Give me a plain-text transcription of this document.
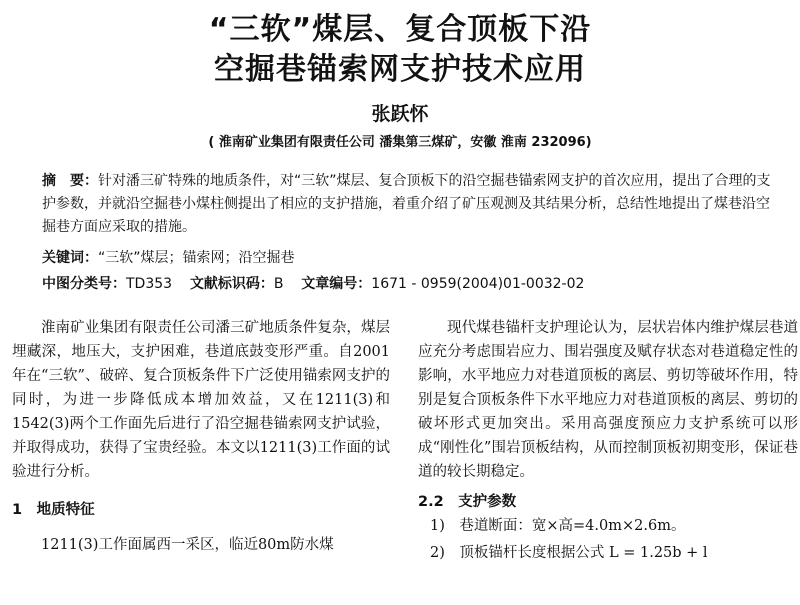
“三软”煤层、复合顶板下沿
空掘巷锚索网支护技术应用
张跃怀
( 淮南矿业集团有限责任公司 潘集第三煤矿，安徽 淮南 232096)
摘　要：针对潘三矿特殊的地质条件，对“三软”煤层、复合顶板下的沿空掘巷锚索网支护的首次应用，提出了合理的支护参数，并就沿空掘巷小煤柱侧提出了相应的支护措施，着重介绍了矿压观测及其结果分析，总结性地提出了煤巷沿空掘巷方面应采取的措施。
关键词：“三软”煤层；锚索网；沿空掘巷
中图分类号：TD353 文献标识码：B 文章编号：1671 - 0959(2004)01-0032-02

淮南矿业集团有限责任公司潘三矿地质条件复杂，煤层埋藏深，地压大，支护困难，巷道底鼓变形严重。自2001年在“三软”、破碎、复合顶板条件下广泛使用锚索网支护的同时，为进一步降低成本增加效益，又在1211(3)和1542(3)两个工作面先后进行了沿空掘巷锚索网支护试验，并取得成功，获得了宝贵经验。本文以1211(3)工作面的试验进行分析。

1　地质特征

1211(3)工作面属西一采区，临近80m防水煤

现代煤巷锚杆支护理论认为，层状岩体内维护煤层巷道应充分考虑围岩应力、围岩强度及赋存状态对巷道稳定性的影响，水平地应力对巷道顶板的离层、剪切等破坏作用，特别是复合顶板条件下水平地应力对巷道顶板的离层、剪切的破坏形式更加突出。采用高强度预应力支护系统可以形成“刚性化”围岩顶板结构，从而控制顶板初期变形，保证巷道的较长期稳定。

2.2　支护参数
1)　巷道断面：宽×高=4.0m×2.6m。
2)　顶板锚杆长度根据公式 L = 1.25b + l
